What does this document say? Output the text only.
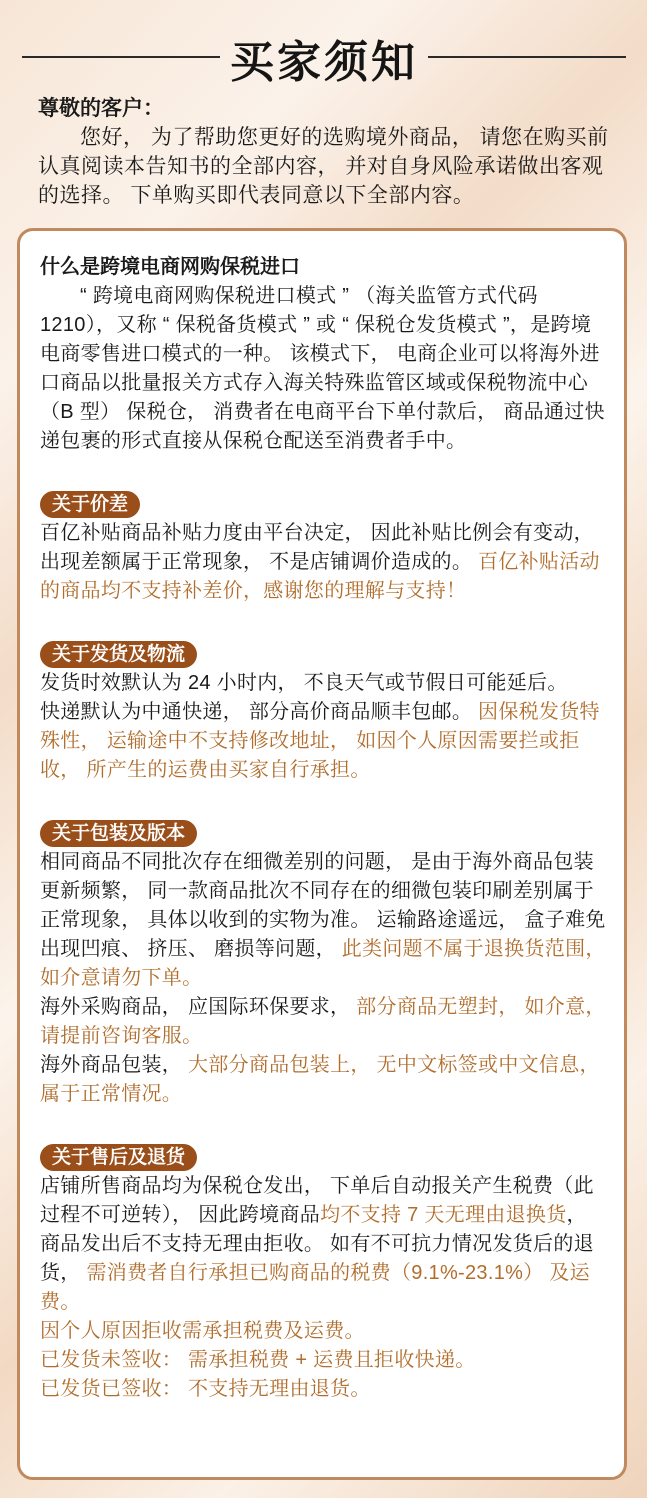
买家须知
尊敬的客户：

您好， 为了帮助您更好的选购境外商品， 请您在购买前认真阅读本告知书的全部内容， 并对自身风险承诺做出客观的选择。 下单购买即代表同意以下全部内容。

什么是跨境电商网购保税进口

“ 跨境电商网购保税进口模式 ” （海关监管方式代码1210），又称 “ 保税备货模式 ” 或 “ 保税仓发货模式 ”，是跨境电商零售进口模式的一种。 该模式下， 电商企业可以将海外进口商品以批量报关方式存入海关特殊监管区域或保税物流中心 （B 型） 保税仓， 消费者在电商平台下单付款后， 商品通过快递包裹的形式直接从保税仓配送至消费者手中。

关于价差

百亿补贴商品补贴力度由平台决定， 因此补贴比例会有变动， 出现差额属于正常现象， 不是店铺调价造成的。 百亿补贴活动的商品均不支持补差价，感谢您的理解与支持！

关于发货及物流

发货时效默认为 24 小时内， 不良天气或节假日可能延后。

快递默认为中通快递， 部分高价商品顺丰包邮。 因保税发货特殊性， 运输途中不支持修改地址， 如因个人原因需要拦或拒收， 所产生的运费由买家自行承担。

关于包装及版本

相同商品不同批次存在细微差别的问题， 是由于海外商品包装更新频繁， 同一款商品批次不同存在的细微包装印刷差别属于正常现象， 具体以收到的实物为准。 运输路途遥远， 盒子难免出现凹痕、 挤压、 磨损等问题， 此类问题不属于退换货范围， 如介意请勿下单。

海外采购商品， 应国际环保要求， 部分商品无塑封， 如介意， 请提前咨询客服。

海外商品包装， 大部分商品包装上， 无中文标签或中文信息， 属于正常情况。

关于售后及退货

店铺所售商品均为保税仓发出， 下单后自动报关产生税费（此过程不可逆转）， 因此跨境商品均不支持 7 天无理由退换货， 商品发出后不支持无理由拒收。 如有不可抗力情况发货后的退货， 需消费者自行承担已购商品的税费（9.1%-23.1%） 及运费。

因个人原因拒收需承担税费及运费。

已发货未签收： 需承担税费 + 运费且拒收快递。

已发货已签收： 不支持无理由退货。
